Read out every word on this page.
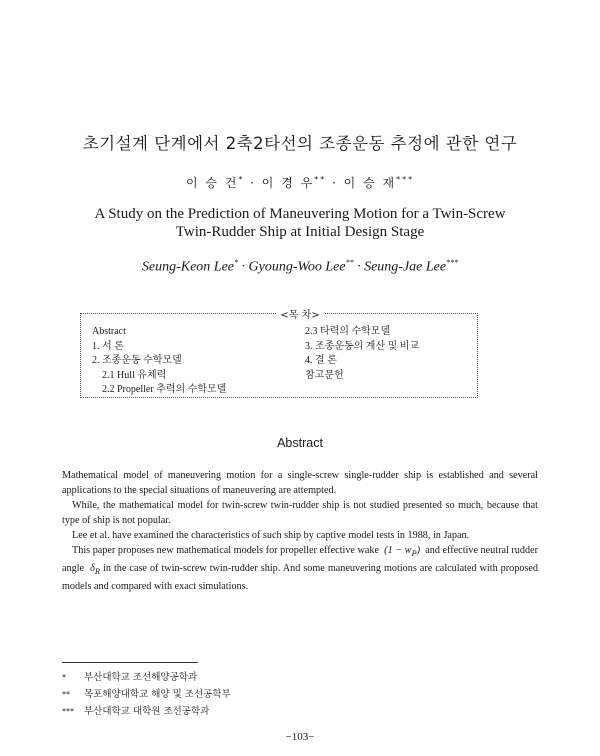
초기설계 단계에서 2축2타선의 조종운동 추정에 관한 연구
이 승 건* · 이 경 우** · 이 승 재***
A Study on the Prediction of Maneuvering Motion for a Twin-Screw
Twin-Rudder Ship at Initial Design Stage
Seung-Keon Lee* · Gyoung-Woo Lee** · Seung-Jae Lee***
<목 차>
Abstract
1. 서 론
2. 조종운동 수학모델
2.1 Hull 유체력
2.2 Propeller 추력의 수학모델
2.3 타력의 수학모델
3. 조종운동의 계산 및 비교
4. 결 론
참고문헌
Abstract

Mathematical model of maneuvering motion for a single-screw single-rudder ship is established and several applications to the special situations of maneuvering are attempted.

While, the mathematical model for twin-screw twin-rudder ship is not studied presented so much, because that type of ship is not popular.

Lee et al. have examined the characteristics of such ship by captive model tests in 1988, in Japan.

This paper proposes new mathematical models for propeller effective wake $(1 - w_P)$ and effective neutral rudder angle $\delta_R$ in the case of twin-screw twin-rudder ship. And some maneuvering motions are calculated with proposed models and compared with exact simulations.

* 부산대학교 조선해양공학과
** 목포해양대학교 해양 및 조선공학부
*** 부산대학교 대학원 조선공학과
−103−
